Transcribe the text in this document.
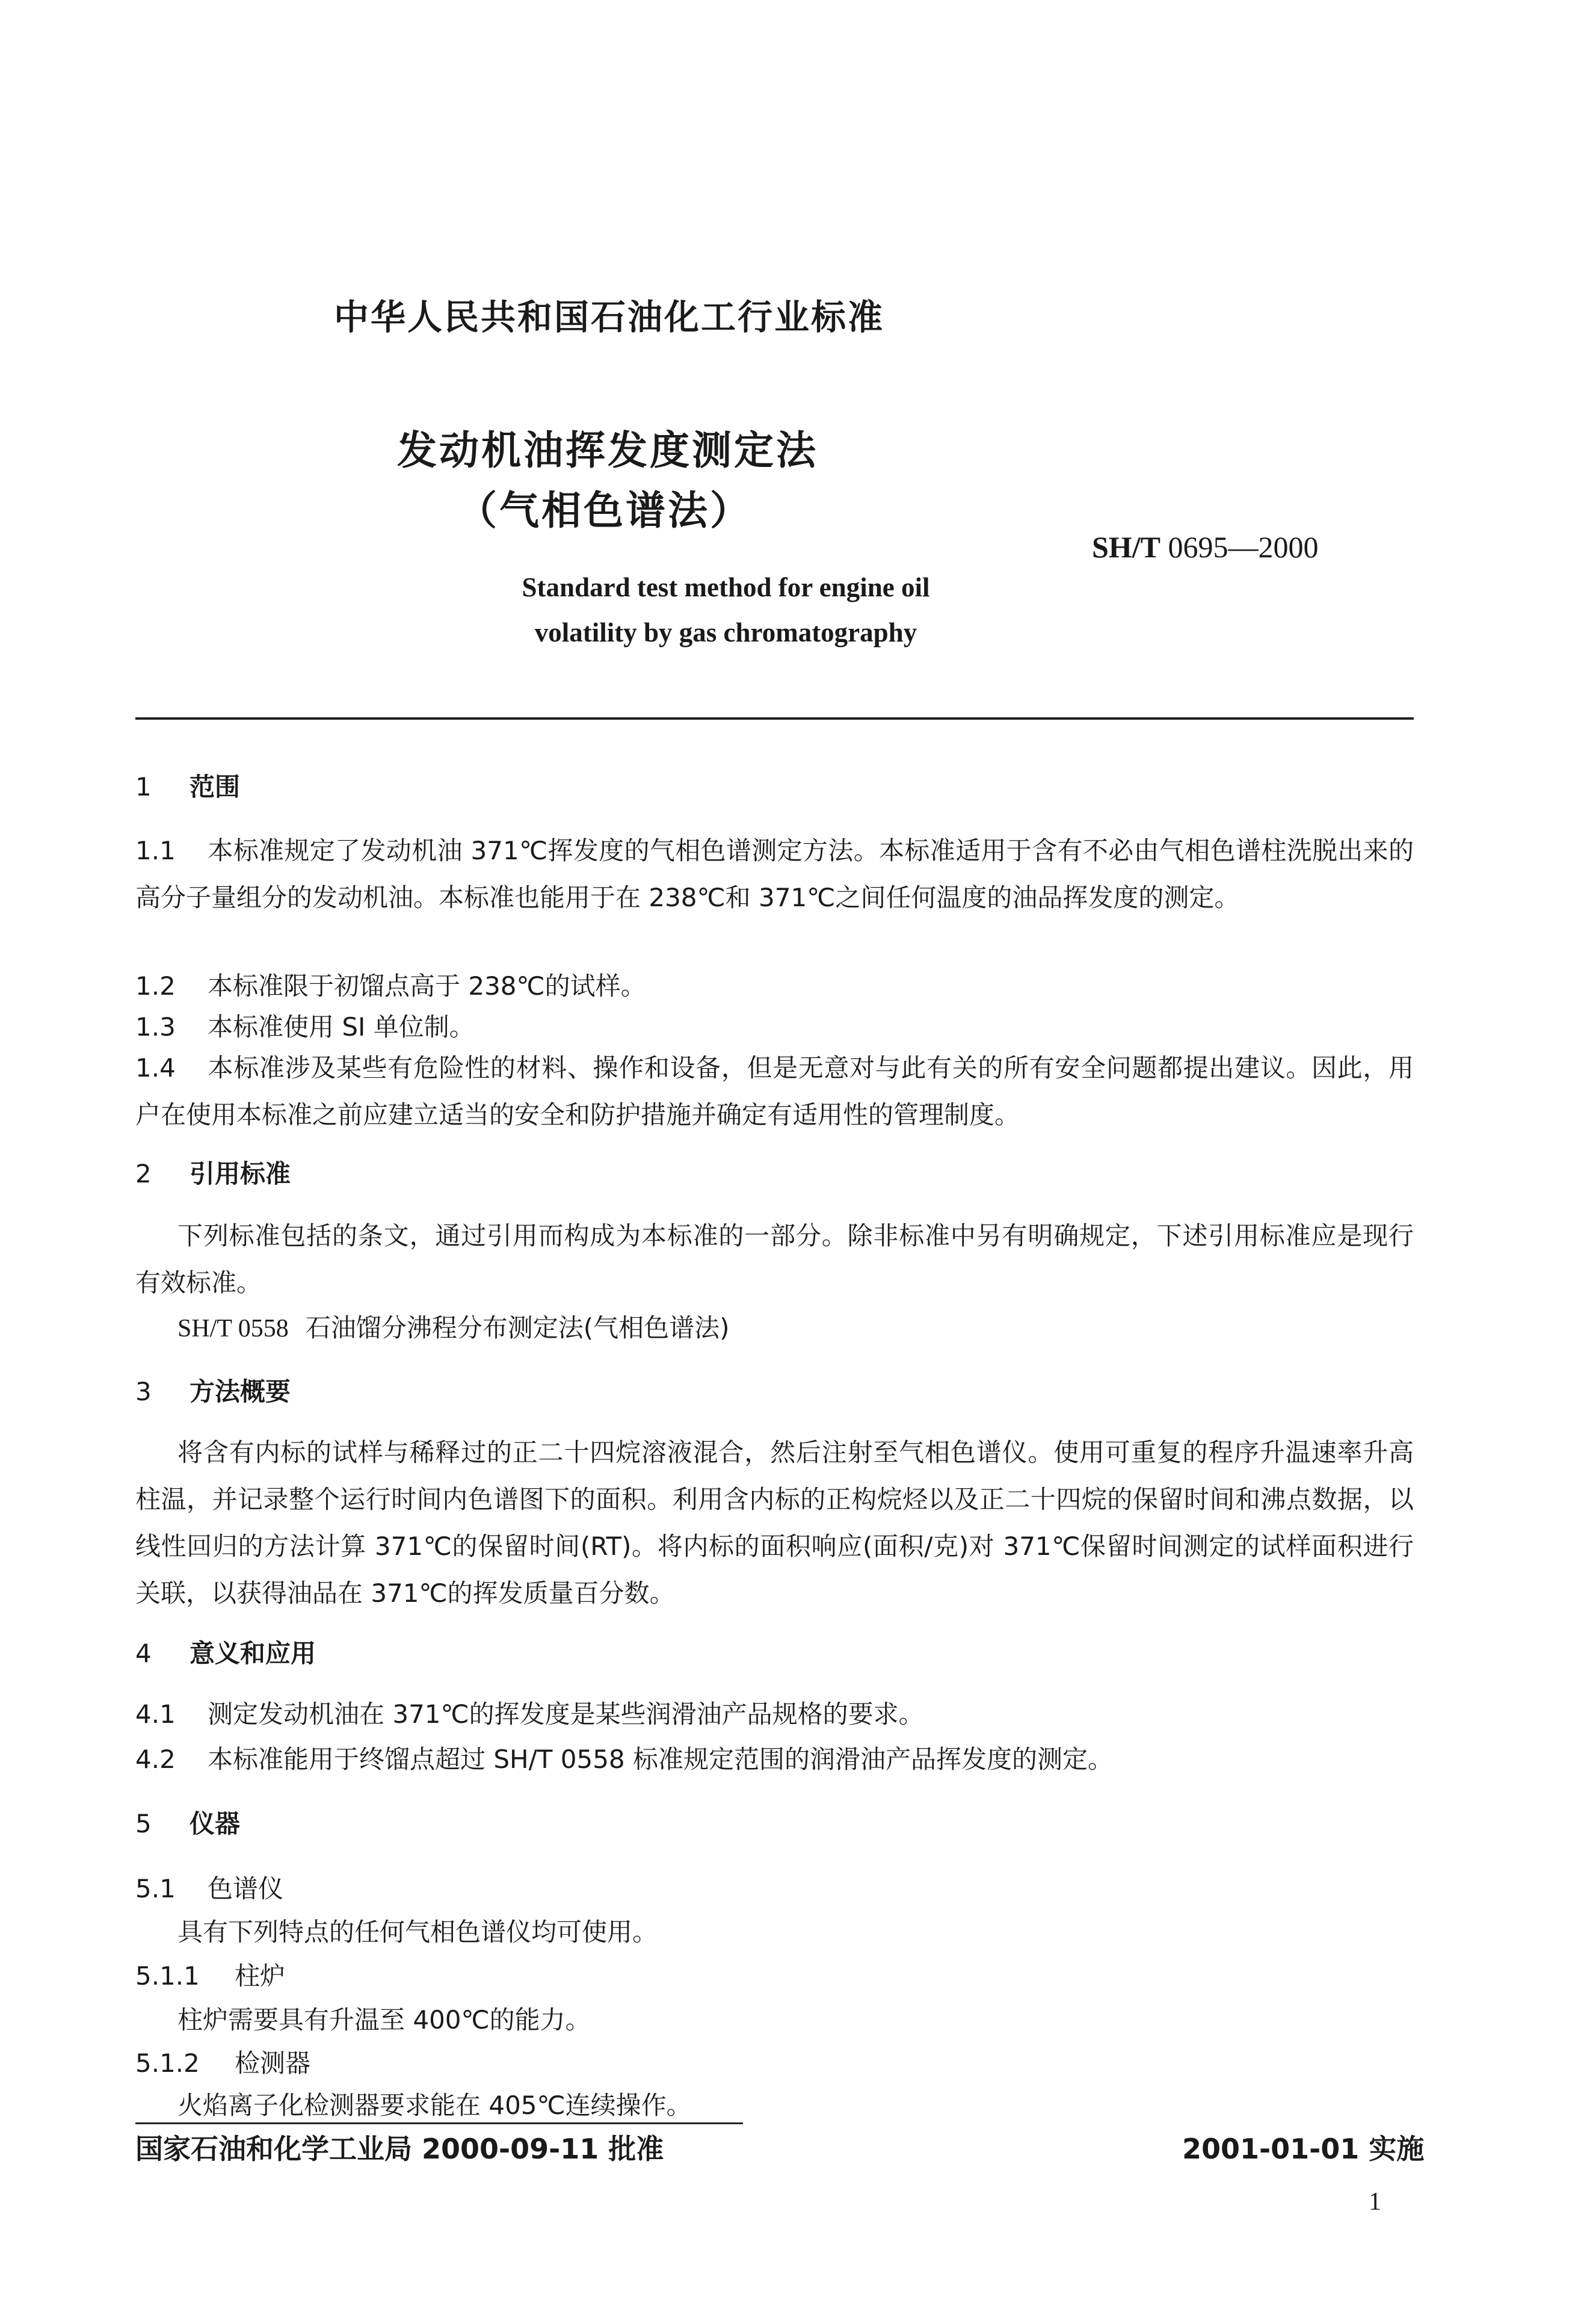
中华人民共和国石油化工行业标准
发动机油挥发度测定法
（气相色谱法）
SH/T 0695—2000
Standard test method for engine oil
volatility by gas chromatography
1 范围
1.1 本标准规定了发动机油 371℃挥发度的气相色谱测定方法。本标准适用于含有不必由气相色谱柱洗脱出来的高分子量组分的发动机油。本标准也能用于在 238℃和 371℃之间任何温度的油品挥发度的测定。
1.2 本标准限于初馏点高于 238℃的试样。
1.3 本标准使用 SI 单位制。
1.4 本标准涉及某些有危险性的材料、操作和设备，但是无意对与此有关的所有安全问题都提出建议。因此，用户在使用本标准之前应建立适当的安全和防护措施并确定有适用性的管理制度。
2 引用标准
下列标准包括的条文，通过引用而构成为本标准的一部分。除非标准中另有明确规定，下述引用标准应是现行有效标准。
SH/T 0558 石油馏分沸程分布测定法(气相色谱法)
3 方法概要
将含有内标的试样与稀释过的正二十四烷溶液混合，然后注射至气相色谱仪。使用可重复的程序升温速率升高柱温，并记录整个运行时间内色谱图下的面积。利用含内标的正构烷烃以及正二十四烷的保留时间和沸点数据，以线性回归的方法计算 371℃的保留时间(RT)。将内标的面积响应(面积/克)对 371℃保留时间测定的试样面积进行关联，以获得油品在 371℃的挥发质量百分数。
4 意义和应用
4.1 测定发动机油在 371℃的挥发度是某些润滑油产品规格的要求。
4.2 本标准能用于终馏点超过 SH/T 0558 标准规定范围的润滑油产品挥发度的测定。
5 仪器
5.1 色谱仪
具有下列特点的任何气相色谱仪均可使用。
5.1.1 柱炉
柱炉需要具有升温至 400℃的能力。
5.1.2 检测器
火焰离子化检测器要求能在 405℃连续操作。
国家石油和化学工业局 2000-09-11 批准	2001-01-01 实施
1
